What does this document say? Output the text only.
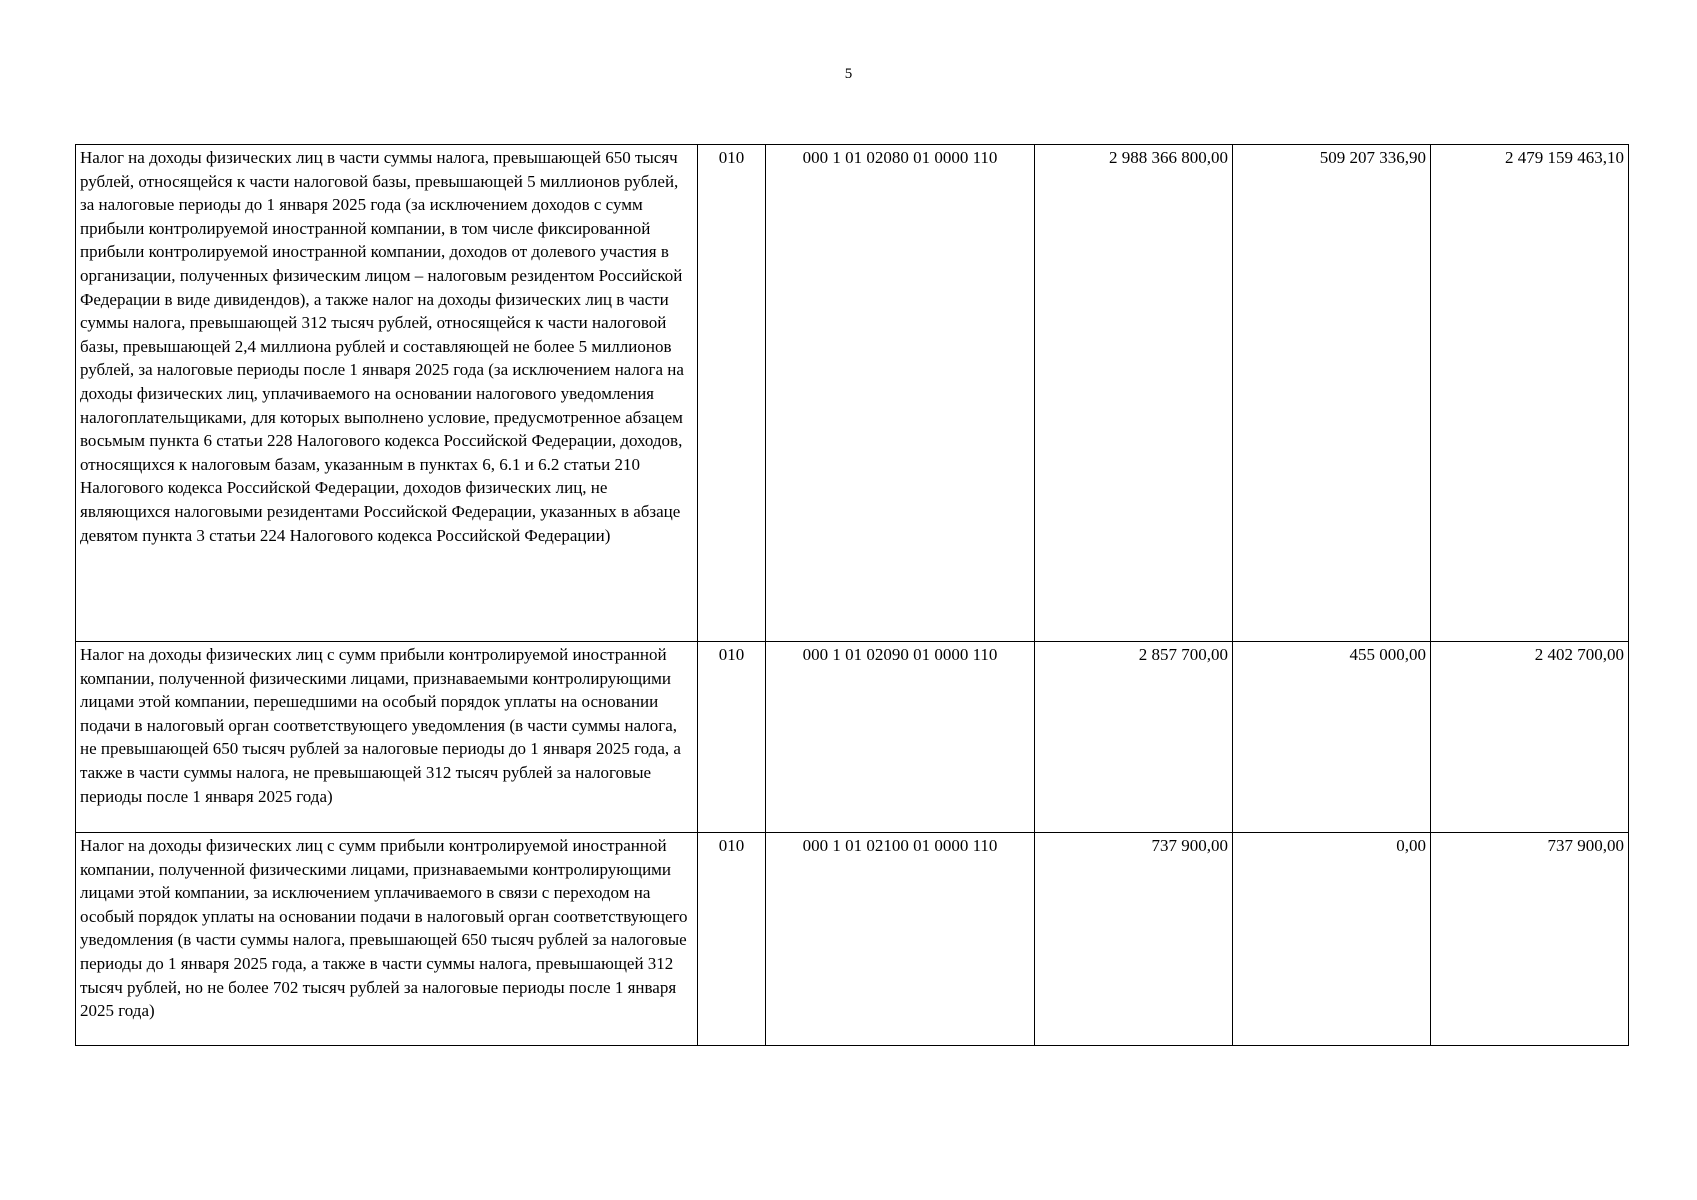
5
Налог на доходы физических лиц в части суммы налога, превышающей 650 тысяч рублей, относящейся к части налоговой базы, превышающей 5 миллионов рублей, за налоговые периоды до 1 января 2025 года (за исключением доходов с сумм прибыли контролируемой иностранной компании, в том числе фиксированной прибыли контролируемой иностранной компании, доходов от долевого участия в организации, полученных физическим лицом – налоговым резидентом Российской Федерации в виде дивидендов), а также налог на доходы физических лиц в части суммы налога, превышающей 312 тысяч рублей, относящейся к части налоговой базы, превышающей 2,4 миллиона рублей и составляющей не более 5 миллионов рублей, за налоговые периоды после 1 января 2025 года (за исключением налога на доходы физических лиц, уплачиваемого на основании налогового уведомления налогоплательщиками, для которых выполнено условие, предусмотренное абзацем восьмым пункта 6 статьи 228 Налогового кодекса Российской Федерации, доходов, относящихся к налоговым базам, указанным в пунктах 6, 6.1 и 6.2 статьи 210 Налогового кодекса Российской Федерации, доходов физических лиц, не являющихся налоговыми резидентами Российской Федерации, указанных в абзаце девятом пункта 3 статьи 224 Налогового кодекса Российской Федерации)	010	000 1 01 02080 01 0000 110	2 988 366 800,00	509 207 336,90	2 479 159 463,10
Налог на доходы физических лиц с сумм прибыли контролируемой иностранной компании, полученной физическими лицами, признаваемыми контролирующими лицами этой компании, перешедшими на особый порядок уплаты на основании подачи в налоговый орган соответствующего уведомления (в части суммы налога, не превышающей 650 тысяч рублей за налоговые периоды до 1 января 2025 года, а также в части суммы налога, не превышающей 312 тысяч рублей за налоговые периоды после 1 января 2025 года)	010	000 1 01 02090 01 0000 110	2 857 700,00	455 000,00	2 402 700,00
Налог на доходы физических лиц с сумм прибыли контролируемой иностранной компании, полученной физическими лицами, признаваемыми контролирующими лицами этой компании, за исключением уплачиваемого в связи с переходом на особый порядок уплаты на основании подачи в налоговый орган соответствующего уведомления (в части суммы налога, превышающей 650 тысяч рублей за налоговые периоды до 1 января 2025 года, а также в части суммы налога, превышающей 312 тысяч рублей, но не более 702 тысяч рублей за налоговые периоды после 1 января 2025 года)	010	000 1 01 02100 01 0000 110	737 900,00	0,00	737 900,00
